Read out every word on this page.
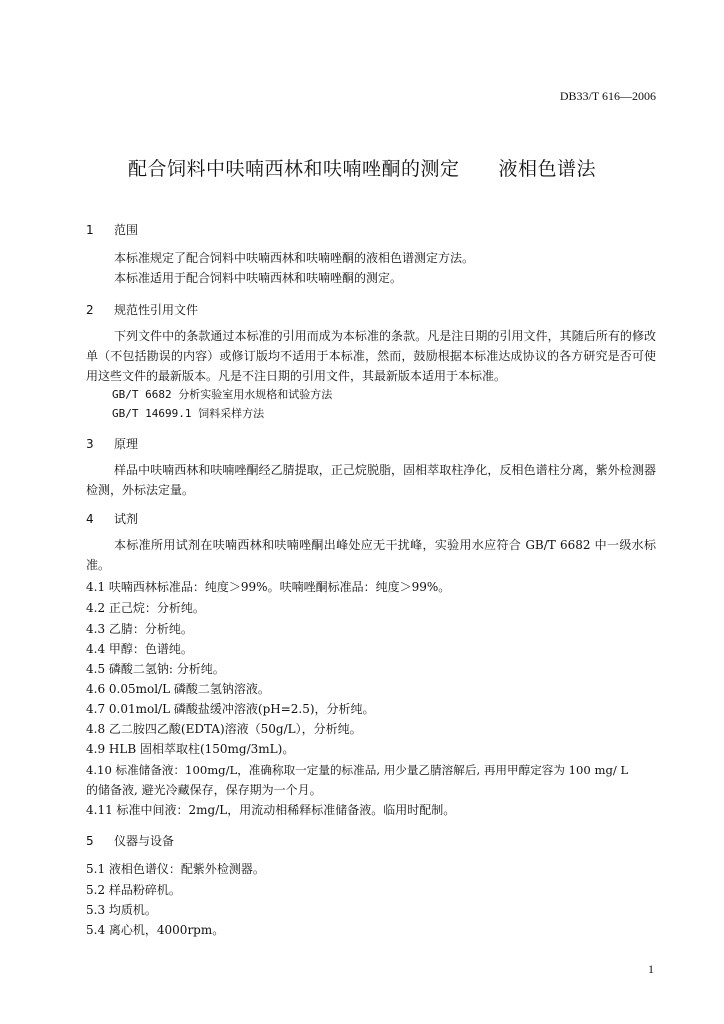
DB33/T 616—2006
配合饲料中呋喃西林和呋喃唑酮的测定　　液相色谱法
1 范围
本标准规定了配合饲料中呋喃西林和呋喃唑酮的液相色谱测定方法。
本标准适用于配合饲料中呋喃西林和呋喃唑酮的测定。
2 规范性引用文件
下列文件中的条款通过本标准的引用而成为本标准的条款。凡是注日期的引用文件，其随后所有的修改单（不包括勘误的内容）或修订版均不适用于本标准，然而，鼓励根据本标准达成协议的各方研究是否可使用这些文件的最新版本。凡是不注日期的引用文件，其最新版本适用于本标准。
GB/T 6682 分析实验室用水规格和试验方法
GB/T 14699.1 饲料采样方法
3 原理
样品中呋喃西林和呋喃唑酮经乙腈提取，正己烷脱脂，固相萃取柱净化，反相色谱柱分离，紫外检测器检测，外标法定量。
4 试剂
本标准所用试剂在呋喃西林和呋喃唑酮出峰处应无干扰峰，实验用水应符合 GB/T 6682 中一级水标准。
4.1 呋喃西林标准品：纯度＞99%。呋喃唑酮标准品：纯度＞99%。
4.2 正己烷：分析纯。
4.3 乙腈：分析纯。
4.4 甲醇：色谱纯。
4.5 磷酸二氢钠: 分析纯。
4.6 0.05mol/L 磷酸二氢钠溶液。
4.7 0.01mol/L 磷酸盐缓冲溶液(pH=2.5)，分析纯。
4.8 乙二胺四乙酸(EDTA)溶液（50g/L），分析纯。
4.9 HLB 固相萃取柱(150mg/3mL)。
4.10 标准储备液：100mg/L，准确称取一定量的标准品, 用少量乙腈溶解后, 再用甲醇定容为 100 mg/ L
的储备液, 避光冷藏保存，保存期为一个月。
4.11 标准中间液：2mg/L，用流动相稀释标准储备液。临用时配制。
5 仪器与设备
5.1 液相色谱仪：配紫外检测器。
5.2 样品粉碎机。
5.3 均质机。
5.4 离心机，4000rpm。
1
